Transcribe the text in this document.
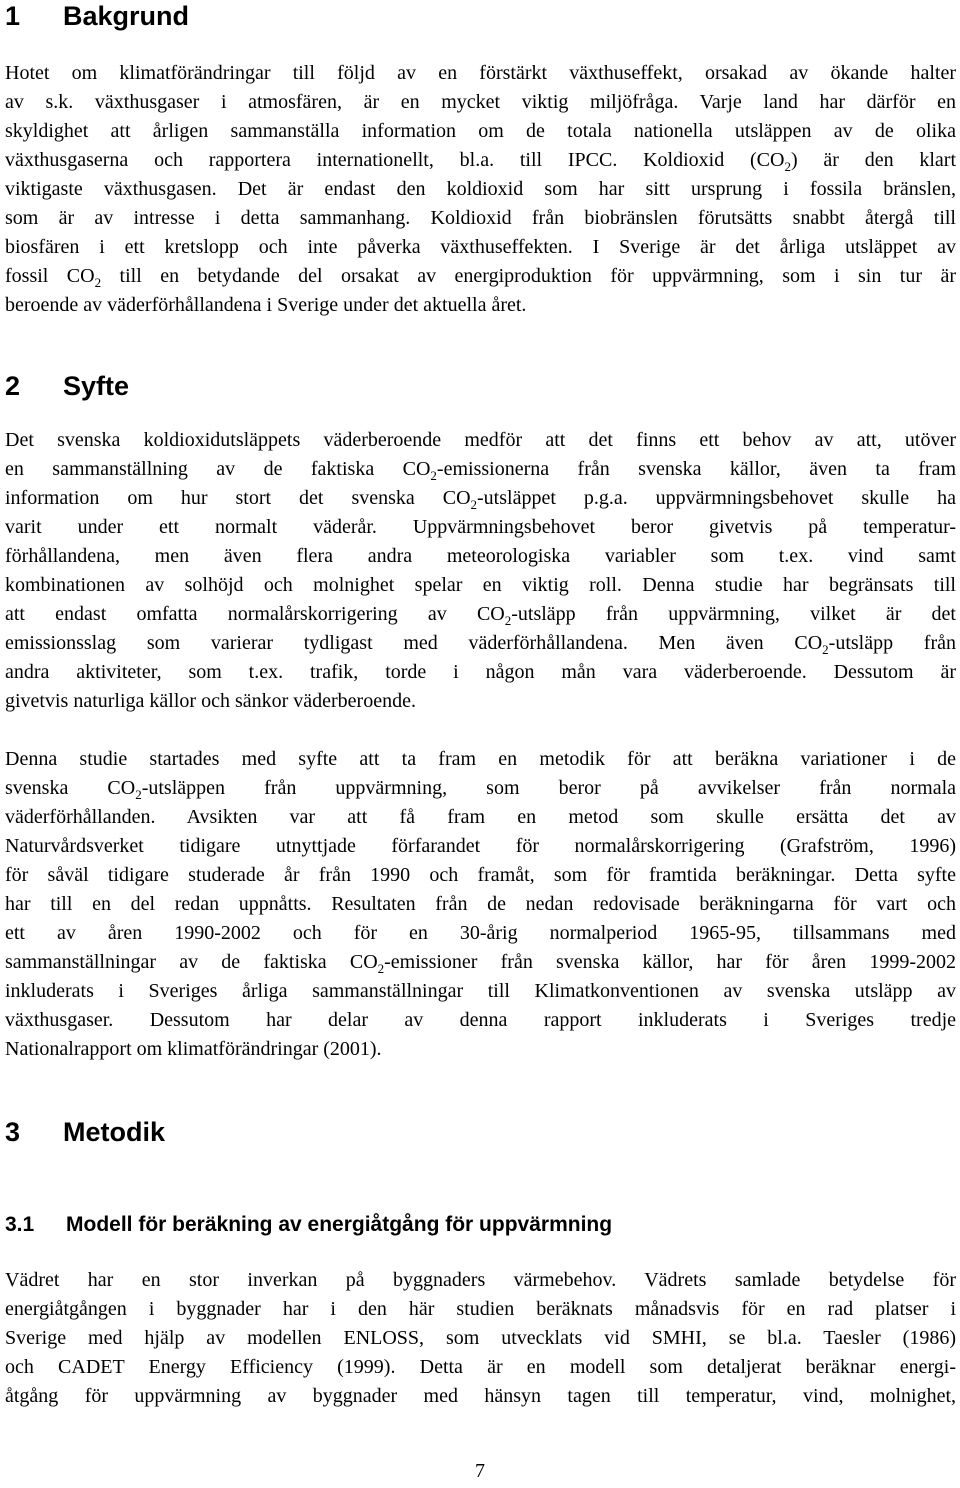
1 Bakgrund
Hotet om klimatförändringar till följd av en förstärkt växthuseffekt, orsakad av ökande halter
av s.k. växthusgaser i atmosfären, är en mycket viktig miljöfråga. Varje land har därför en
skyldighet att årligen sammanställa information om de totala nationella utsläppen av de olika
växthusgaserna och rapportera internationellt, bl.a. till IPCC. Koldioxid $(CO_2)$ är den klart
viktigaste växthusgasen. Det är endast den koldioxid som har sitt ursprung i fossila bränslen,
som är av intresse i detta sammanhang. Koldioxid från biobränslen förutsätts snabbt återgå till
biosfären i ett kretslopp och inte påverka växthuseffekten. I Sverige är det årliga utsläppet av
fossil $CO_2$ till en betydande del orsakat av energiproduktion för uppvärmning, som i sin tur är
beroende av väderförhållandena i Sverige under det aktuella året.
2 Syfte
Det svenska koldioxidutsläppets väderberoende medför att det finns ett behov av att, utöver
en sammanställning av de faktiska $CO_2$-emissionerna från svenska källor, även ta fram
information om hur stort det svenska $CO_2$-utsläppet p.g.a. uppvärmningsbehovet skulle ha
varit under ett normalt väderår. Uppvärmningsbehovet beror givetvis på temperatur-
förhållandena, men även flera andra meteorologiska variabler som t.ex. vind samt
kombinationen av solhöjd och molnighet spelar en viktig roll. Denna studie har begränsats till
att endast omfatta normalårskorrigering av $CO_2$-utsläpp från uppvärmning, vilket är det
emissionsslag som varierar tydligast med väderförhållandena. Men även $CO_2$-utsläpp från
andra aktiviteter, som t.ex. trafik, torde i någon mån vara väderberoende. Dessutom är
givetvis naturliga källor och sänkor väderberoende.
Denna studie startades med syfte att ta fram en metodik för att beräkna variationer i de
svenska $CO_2$-utsläppen från uppvärmning, som beror på avvikelser från normala
väderförhållanden. Avsikten var att få fram en metod som skulle ersätta det av
Naturvårdsverket tidigare utnyttjade förfarandet för normalårskorrigering (Grafström, 1996)
för såväl tidigare studerade år från 1990 och framåt, som för framtida beräkningar. Detta syfte
har till en del redan uppnåtts. Resultaten från de nedan redovisade beräkningarna för vart och
ett av åren 1990-2002 och för en 30-årig normalperiod 1965-95, tillsammans med
sammanställningar av de faktiska $CO_2$-emissioner från svenska källor, har för åren 1999-2002
inkluderats i Sveriges årliga sammanställningar till Klimatkonventionen av svenska utsläpp av
växthusgaser. Dessutom har delar av denna rapport inkluderats i Sveriges tredje
Nationalrapport om klimatförändringar (2001).
3 Metodik
3.1 Modell för beräkning av energiåtgång för uppvärmning
Vädret har en stor inverkan på byggnaders värmebehov. Vädrets samlade betydelse för
energiåtgången i byggnader har i den här studien beräknats månadsvis för en rad platser i
Sverige med hjälp av modellen ENLOSS, som utvecklats vid SMHI, se bl.a. Taesler (1986)
och CADET Energy Efficiency (1999). Detta är en modell som detaljerat beräknar energi-
åtgång för uppvärmning av byggnader med hänsyn tagen till temperatur, vind, molnighet,
7
